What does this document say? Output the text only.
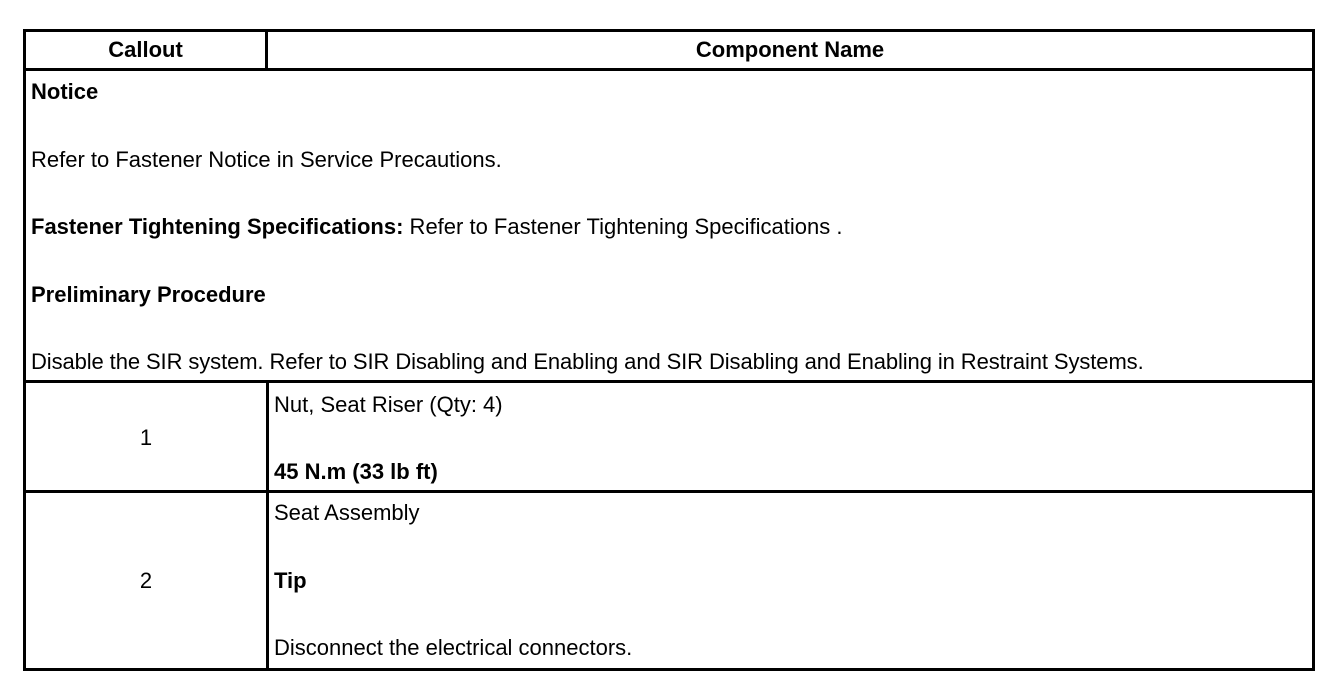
Callout	Component Name
Notice
Refer to Fastener Notice in Service Precautions.
Fastener Tightening Specifications: Refer to Fastener Tightening Specifications .
Preliminary Procedure
Disable the SIR system. Refer to SIR Disabling and Enabling and SIR Disabling and Enabling in Restraint Systems.
1
Nut, Seat Riser (Qty: 4)
45 N.m (33 lb ft)
2
Seat Assembly
Tip
Disconnect the electrical connectors.
